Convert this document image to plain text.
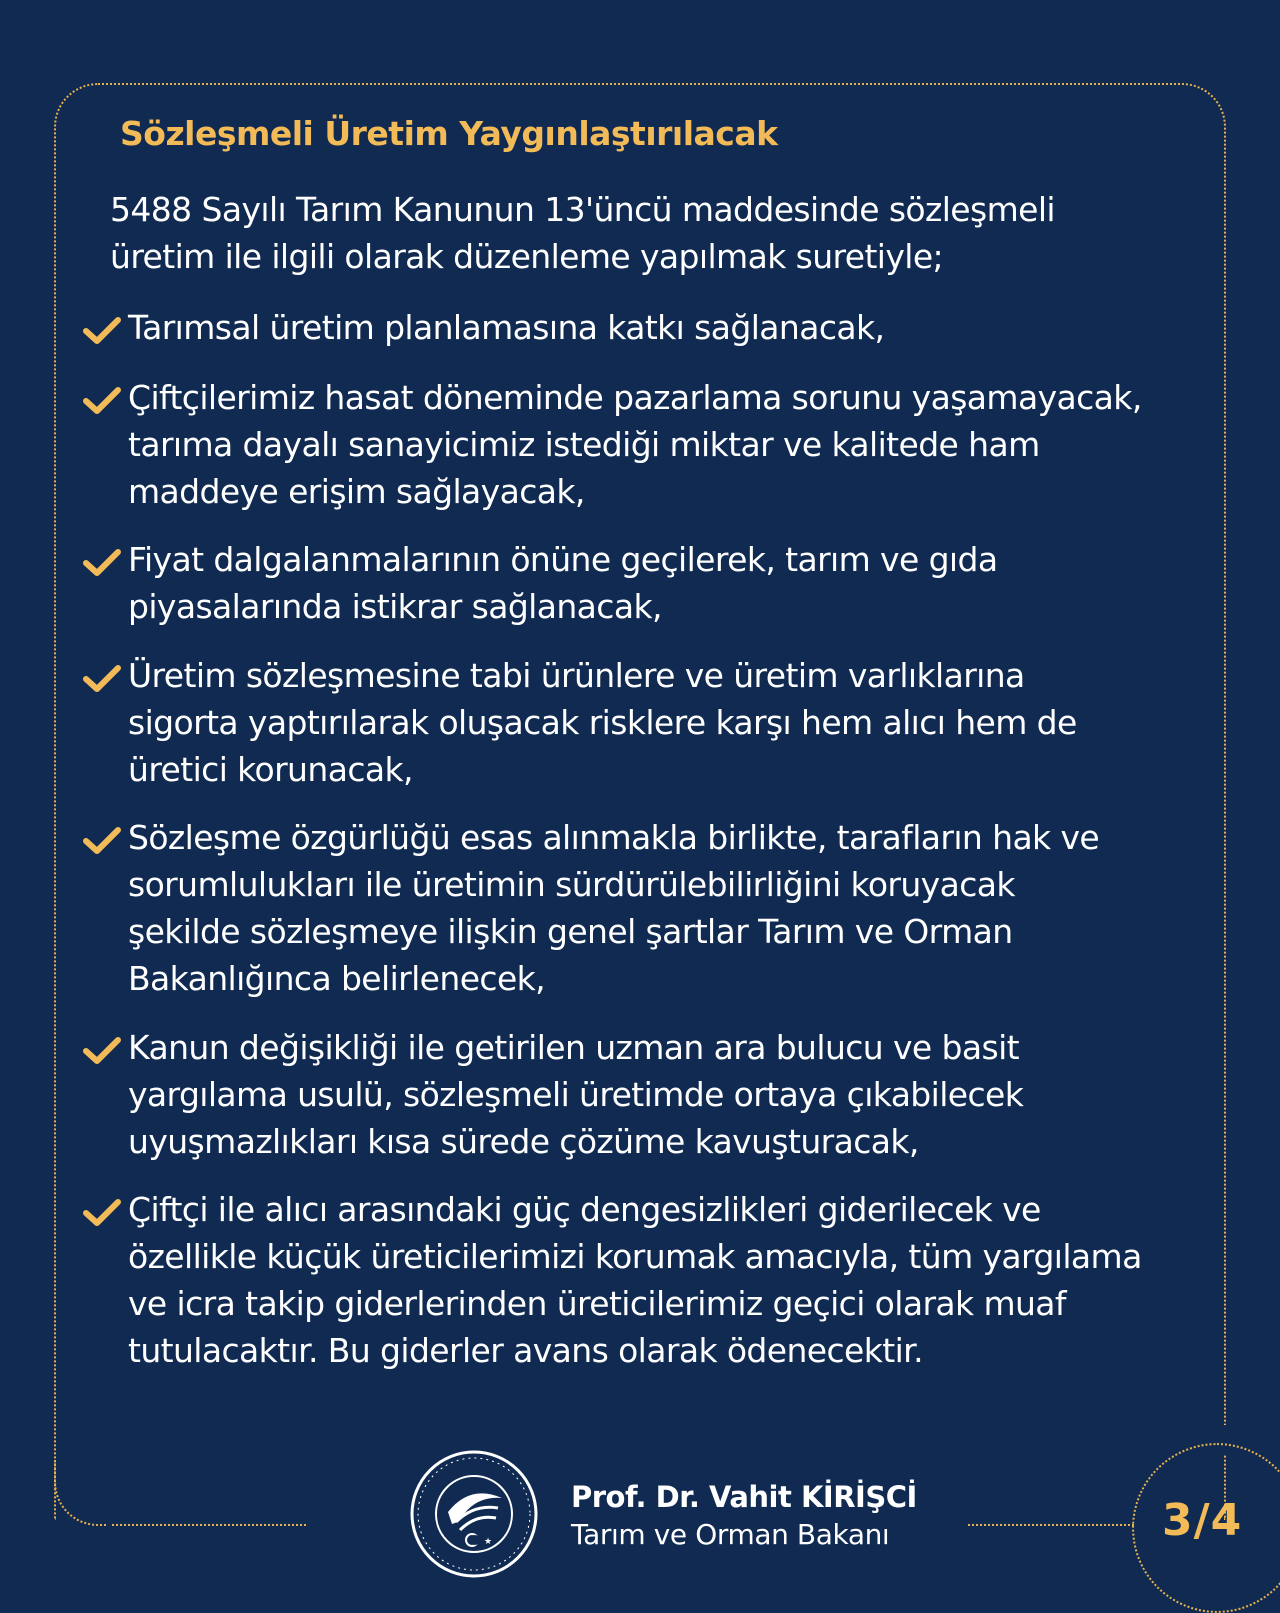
Sözleşmeli Üretim Yaygınlaştırılacak
5488 Sayılı Tarım Kanunun 13'üncü maddesinde sözleşmeli
üretim ile ilgili olarak düzenleme yapılmak suretiyle;
Tarımsal üretim planlamasına katkı sağlanacak,
Çiftçilerimiz hasat döneminde pazarlama sorunu yaşamayacak,
tarıma dayalı sanayicimiz istediği miktar ve kalitede ham
maddeye erişim sağlayacak,
Fiyat dalgalanmalarının önüne geçilerek, tarım ve gıda
piyasalarında istikrar sağlanacak,
Üretim sözleşmesine tabi ürünlere ve üretim varlıklarına
sigorta yaptırılarak oluşacak risklere karşı hem alıcı hem de
üretici korunacak,
Sözleşme özgürlüğü esas alınmakla birlikte, tarafların hak ve
sorumlulukları ile üretimin sürdürülebilirliğini koruyacak
şekilde sözleşmeye ilişkin genel şartlar Tarım ve Orman
Bakanlığınca belirlenecek,
Kanun değişikliği ile getirilen uzman ara bulucu ve basit
yargılama usulü, sözleşmeli üretimde ortaya çıkabilecek
uyuşmazlıkları kısa sürede çözüme kavuşturacak,
Çiftçi ile alıcı arasındaki güç dengesizlikleri giderilecek ve
özellikle küçük üreticilerimizi korumak amacıyla, tüm yargılama
ve icra takip giderlerinden üreticilerimiz geçici olarak muaf
tutulacaktır. Bu giderler avans olarak ödenecektir.
★
Prof. Dr. Vahit KİRİŞCİ
Tarım ve Orman Bakanı	3/4
